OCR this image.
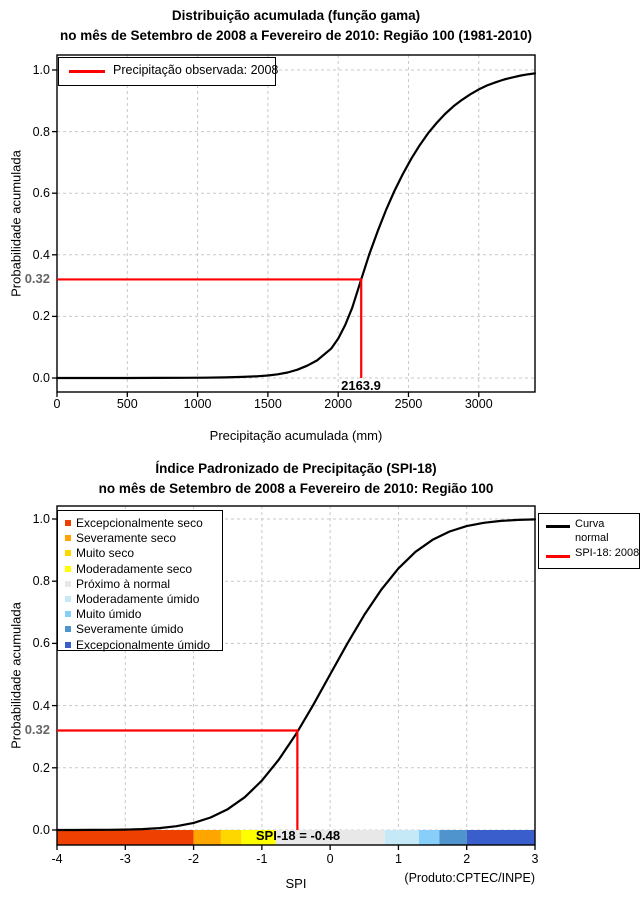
Distribuição acumulada (função gama)
no mês de Setembro de 2008 a Fevereiro de 2010: Região 100 (1981-2010)
Probabilidade acumulada
Precipitação acumulada (mm)
0.32
2163.9
Precipitação observada: 2008
Índice Padronizado de Precipitação (SPI-18)
no mês de Setembro de 2008 a Fevereiro de 2010: Região 100
Probabilidade acumulada
SPI
0.32
SPI-18 = -0.48
(Produto:CPTEC/INPE)
Excepcionalmente seco
Severamente seco
Muito seco
Moderadamente seco
Próximo à normal
Moderadamente úmido
Muito úmido
Severamente úmido
Excepcionalmente úmido
Curva
normal
SPI-18: 2008
0	500	1000	1500	2000	2500	3000
0.0
0.2
0.4
0.6
0.8
1.0
-4	-3	-2	-1	0	1	2	3
0.0
0.2
0.4
0.6
0.8
1.0
